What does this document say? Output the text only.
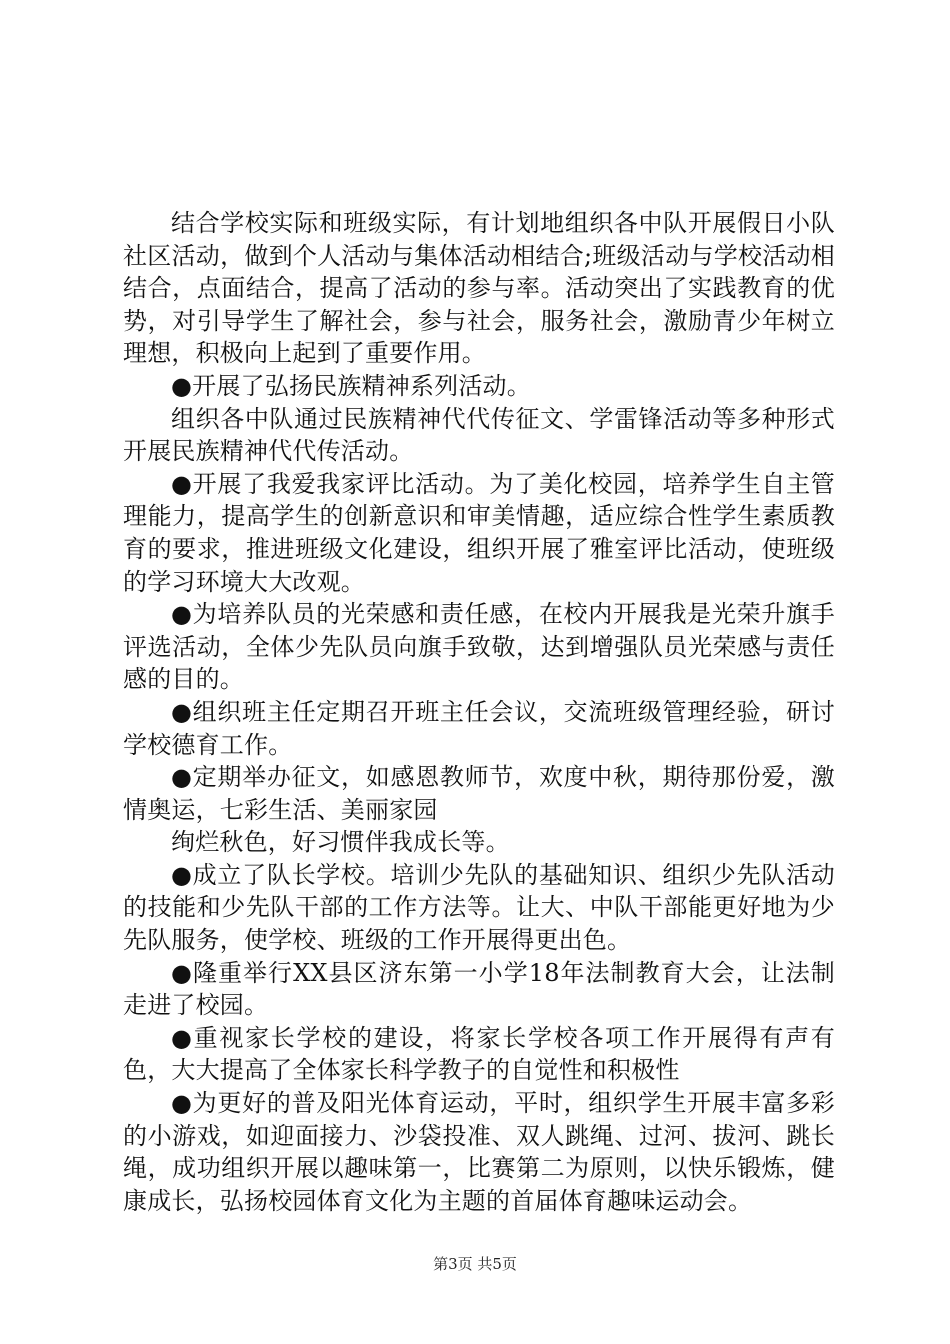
结合学校实际和班级实际，有计划地组织各中队开展假日小队社区活动，做到个人活动与集体活动相结合;班级活动与学校活动相结合，点面结合，提高了活动的参与率。活动突出了实践教育的优势，对引导学生了解社会，参与社会，服务社会，激励青少年树立理想，积极向上起到了重要作用。

●开展了弘扬民族精神系列活动。

组织各中队通过民族精神代代传征文、学雷锋活动等多种形式开展民族精神代代传活动。

●开展了我爱我家评比活动。为了美化校园，培养学生自主管理能力，提高学生的创新意识和审美情趣，适应综合性学生素质教育的要求，推进班级文化建设，组织开展了雅室评比活动，使班级的学习环境大大改观。

●为培养队员的光荣感和责任感，在校内开展我是光荣升旗手评选活动，全体少先队员向旗手致敬，达到增强队员光荣感与责任感的目的。

●组织班主任定期召开班主任会议，交流班级管理经验，研讨学校德育工作。

●定期举办征文，如感恩教师节，欢度中秋，期待那份爱，激情奥运，七彩生活、美丽家园

绚烂秋色，好习惯伴我成长等。

●成立了队长学校。培训少先队的基础知识、组织少先队活动的技能和少先队干部的工作方法等。让大、中队干部能更好地为少先队服务，使学校、班级的工作开展得更出色。

●隆重举行XX县区济东第一小学18年法制教育大会，让法制走进了校园。

●重视家长学校的建设，将家长学校各项工作开展得有声有色，大大提高了全体家长科学教子的自觉性和积极性

●为更好的普及阳光体育运动，平时，组织学生开展丰富多彩的小游戏，如迎面接力、沙袋投准、双人跳绳、过河、拔河、跳长绳，成功组织开展以趣味第一，比赛第二为原则，以快乐锻炼，健康成长，弘扬校园体育文化为主题的首届体育趣味运动会。

第3页 共5页
